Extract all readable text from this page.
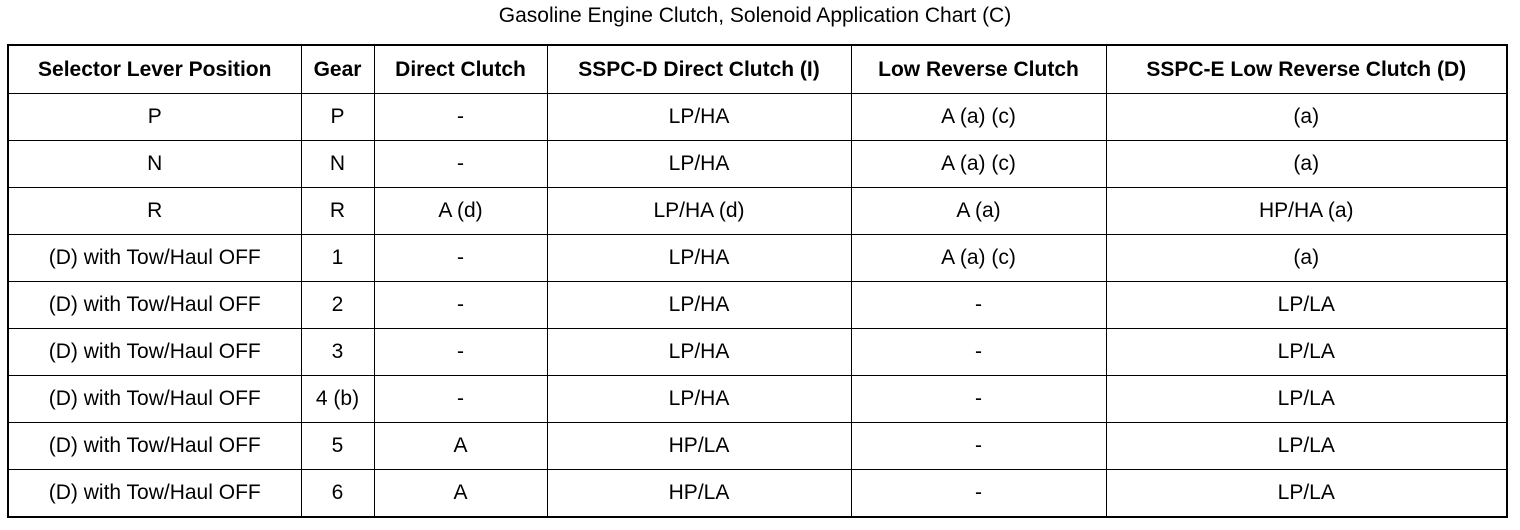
Gasoline Engine Clutch, Solenoid Application Chart (C)
Selector Lever Position	Gear	Direct Clutch	SSPC-D Direct Clutch (I)	Low Reverse Clutch	SSPC-E Low Reverse Clutch (D)
P	P	-	LP/HA	A (a) (c)	(a)
N	N	-	LP/HA	A (a) (c)	(a)
R	R	A (d)	LP/HA (d)	A (a)	HP/HA (a)
(D) with Tow/Haul OFF	1	-	LP/HA	A (a) (c)	(a)
(D) with Tow/Haul OFF	2	-	LP/HA	-	LP/LA
(D) with Tow/Haul OFF	3	-	LP/HA	-	LP/LA
(D) with Tow/Haul OFF	4 (b)	-	LP/HA	-	LP/LA
(D) with Tow/Haul OFF	5	A	HP/LA	-	LP/LA
(D) with Tow/Haul OFF	6	A	HP/LA	-	LP/LA
